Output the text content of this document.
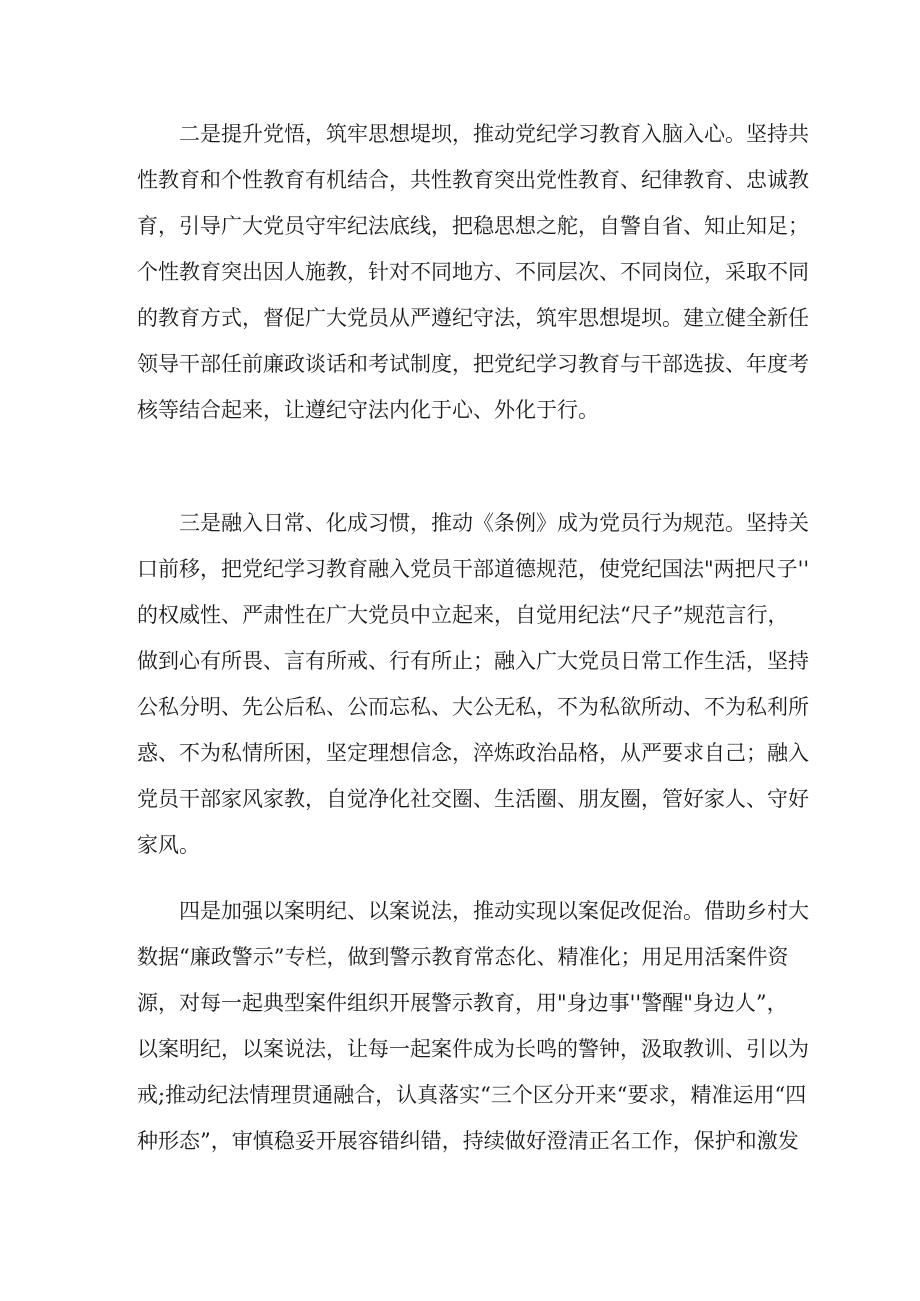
二是提升党悟，筑牢思想堤坝，推动党纪学习教育入脑入心。坚持共
性教育和个性教育有机结合，共性教育突出党性教育、纪律教育、忠诚教
育，引导广大党员守牢纪法底线，把稳思想之舵，自警自省、知止知足；
个性教育突出因人施教，针对不同地方、不同层次、不同岗位，采取不同
的教育方式，督促广大党员从严遵纪守法，筑牢思想堤坝。建立健全新任
领导干部任前廉政谈话和考试制度，把党纪学习教育与干部选拔、年度考
核等结合起来，让遵纪守法内化于心、外化于行。
三是融入日常、化成习惯，推动《条例》成为党员行为规范。坚持关
口前移，把党纪学习教育融入党员干部道德规范，使党纪国法"两把尺子''
的权威性、严肃性在广大党员中立起来，自觉用纪法“尺子”规范言行，
做到心有所畏、言有所戒、行有所止；融入广大党员日常工作生活，坚持
公私分明、先公后私、公而忘私、大公无私，不为私欲所动、不为私利所
惑、不为私情所困，坚定理想信念，淬炼政治品格，从严要求自己；融入
党员干部家风家教，自觉净化社交圈、生活圈、朋友圈，管好家人、守好
家风。
四是加强以案明纪、以案说法，推动实现以案促改促治。借助乡村大
数据“廉政警示”专栏，做到警示教育常态化、精准化；用足用活案件资
源，对每一起典型案件组织开展警示教育，用"身边事''警醒"身边人”，
以案明纪，以案说法，让每一起案件成为长鸣的警钟，汲取教训、引以为
戒;推动纪法情理贯通融合，认真落实“三个区分开来“要求，精准运用“四
种形态”，审慎稳妥开展容错纠错，持续做好澄清正名工作，保护和激发
